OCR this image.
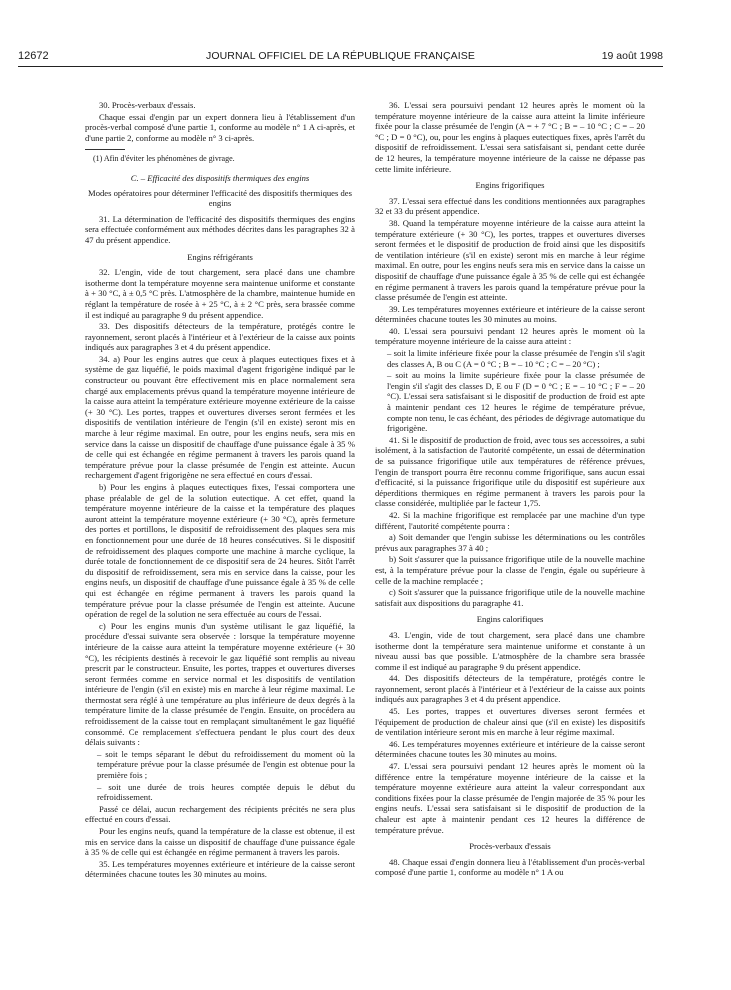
12672	JOURNAL OFFICIEL DE LA RÉPUBLIQUE FRANÇAISE	19 août 1998

30. Procès-verbaux d'essais.

Chaque essai d'engin par un expert donnera lieu à l'établissement d'un procès-verbal composé d'une partie 1, conforme au modèle n° 1 A ci-après, et d'une partie 2, conforme au modèle n° 3 ci-après.

(1) Afin d'éviter les phénomènes de givrage.

C. – Efficacité des dispositifs thermiques des engins

Modes opératoires pour déterminer l'efficacité des dispositifs thermiques des engins

31. La détermination de l'efficacité des dispositifs thermiques des engins sera effectuée conformément aux méthodes décrites dans les paragraphes 32 à 47 du présent appendice.

Engins réfrigérants

32. L'engin, vide de tout chargement, sera placé dans une chambre isotherme dont la température moyenne sera maintenue uniforme et constante à + 30 °C, à ± 0,5 °C près. L'atmosphère de la chambre, maintenue humide en réglant la température de rosée à + 25 °C, à ± 2 °C près, sera brassée comme il est indiqué au paragraphe 9 du présent appendice.

33. Des dispositifs détecteurs de la température, protégés contre le rayonnement, seront placés à l'intérieur et à l'extérieur de la caisse aux points indiqués aux paragraphes 3 et 4 du présent appendice.

34. a) Pour les engins autres que ceux à plaques eutectiques fixes et à système de gaz liquéfié, le poids maximal d'agent frigorigène indiqué par le constructeur ou pouvant être effectivement mis en place normalement sera chargé aux emplacements prévus quand la température moyenne intérieure de la caisse aura atteint la température extérieure moyenne extérieure de la caisse (+ 30 °C). Les portes, trappes et ouvertures diverses seront fermées et les dispositifs de ventilation intérieure de l'engin (s'il en existe) seront mis en marche à leur régime maximal. En outre, pour les engins neufs, sera mis en service dans la caisse un dispositif de chauffage d'une puissance égale à 35 % de celle qui est échangée en régime permanent à travers les parois quand la température prévue pour la classe présumée de l'engin est atteinte. Aucun rechargement d'agent frigorigène ne sera effectué en cours d'essai.

b) Pour les engins à plaques eutectiques fixes, l'essai comportera une phase préalable de gel de la solution eutectique. A cet effet, quand la température moyenne intérieure de la caisse et la température des plaques auront atteint la température moyenne extérieure (+ 30 °C), après fermeture des portes et portillons, le dispositif de refroidissement des plaques sera mis en fonctionnement pour une durée de 18 heures consécutives. Si le dispositif de refroidissement des plaques comporte une machine à marche cyclique, la durée totale de fonctionnement de ce dispositif sera de 24 heures. Sitôt l'arrêt du dispositif de refroidissement, sera mis en service dans la caisse, pour les engins neufs, un dispositif de chauffage d'une puissance égale à 35 % de celle qui est échangée en régime permanent à travers les parois quand la température prévue pour la classe présumée de l'engin est atteinte. Aucune opération de regel de la solution ne sera effectuée au cours de l'essai.

c) Pour les engins munis d'un système utilisant le gaz liquéfié, la procédure d'essai suivante sera observée : lorsque la température moyenne intérieure de la caisse aura atteint la température moyenne extérieure (+ 30 °C), les récipients destinés à recevoir le gaz liquéfié sont remplis au niveau prescrit par le constructeur. Ensuite, les portes, trappes et ouvertures diverses seront fermées comme en service normal et les dispositifs de ventilation intérieure de l'engin (s'il en existe) mis en marche à leur régime maximal. Le thermostat sera réglé à une température au plus inférieure de deux degrés à la température limite de la classe présumée de l'engin. Ensuite, on procédera au refroidissement de la caisse tout en remplaçant simultanément le gaz liquéfié consommé. Ce remplacement s'effectuera pendant le plus court des deux délais suivants :

– soit le temps séparant le début du refroidissement du moment où la température prévue pour la classe présumée de l'engin est obtenue pour la première fois ;

– soit une durée de trois heures comptée depuis le début du refroidissement.

Passé ce délai, aucun rechargement des récipients précités ne sera plus effectué en cours d'essai.

Pour les engins neufs, quand la température de la classe est obtenue, il est mis en service dans la caisse un dispositif de chauffage d'une puissance égale à 35 % de celle qui est échangée en régime permanent à travers les parois.

35. Les températures moyennes extérieure et intérieure de la caisse seront déterminées chacune toutes les 30 minutes au moins.

36. L'essai sera poursuivi pendant 12 heures après le moment où la température moyenne intérieure de la caisse aura atteint la limite inférieure fixée pour la classe présumée de l'engin (A = + 7 °C ; B = – 10 °C ; C = – 20 °C ; D = 0 °C), ou, pour les engins à plaques eutectiques fixes, après l'arrêt du dispositif de refroidissement. L'essai sera satisfaisant si, pendant cette durée de 12 heures, la température moyenne intérieure de la caisse ne dépasse pas cette limite inférieure.

Engins frigorifiques

37. L'essai sera effectué dans les conditions mentionnées aux paragraphes 32 et 33 du présent appendice.

38. Quand la température moyenne intérieure de la caisse aura atteint la température extérieure (+ 30 °C), les portes, trappes et ouvertures diverses seront fermées et le dispositif de production de froid ainsi que les dispositifs de ventilation intérieure (s'il en existe) seront mis en marche à leur régime maximal. En outre, pour les engins neufs sera mis en service dans la caisse un dispositif de chauffage d'une puissance égale à 35 % de celle qui est échangée en régime permanent à travers les parois quand la température prévue pour la classe présumée de l'engin est atteinte.

39. Les températures moyennes extérieure et intérieure de la caisse seront déterminées chacune toutes les 30 minutes au moins.

40. L'essai sera poursuivi pendant 12 heures après le moment où la température moyenne intérieure de la caisse aura atteint :

– soit la limite inférieure fixée pour la classe présumée de l'engin s'il s'agit des classes A, B ou C (A = 0 °C ; B = – 10 °C ; C = – 20 °C) ;

– soit au moins la limite supérieure fixée pour la classe présumée de l'engin s'il s'agit des classes D, E ou F (D = 0 °C ; E = – 10 °C ; F = – 20 °C). L'essai sera satisfaisant si le dispositif de production de froid est apte à maintenir pendant ces 12 heures le régime de température prévue, compte non tenu, le cas échéant, des périodes de dégivrage automatique du frigorigène.

41. Si le dispositif de production de froid, avec tous ses accessoires, a subi isolément, à la satisfaction de l'autorité compétente, un essai de détermination de sa puissance frigorifique utile aux températures de référence prévues, l'engin de transport pourra être reconnu comme frigorifique, sans aucun essai d'efficacité, si la puissance frigorifique utile du dispositif est supérieure aux déperditions thermiques en régime permanent à travers les parois pour la classe considérée, multipliée par le facteur 1,75.

42. Si la machine frigorifique est remplacée par une machine d'un type différent, l'autorité compétente pourra :

a) Soit demander que l'engin subisse les déterminations ou les contrôles prévus aux paragraphes 37 à 40 ;

b) Soit s'assurer que la puissance frigorifique utile de la nouvelle machine est, à la température prévue pour la classe de l'engin, égale ou supérieure à celle de la machine remplacée ;

c) Soit s'assurer que la puissance frigorifique utile de la nouvelle machine satisfait aux dispositions du paragraphe 41.

Engins calorifiques

43. L'engin, vide de tout chargement, sera placé dans une chambre isotherme dont la température sera maintenue uniforme et constante à un niveau aussi bas que possible. L'atmosphère de la chambre sera brassée comme il est indiqué au paragraphe 9 du présent appendice.

44. Des dispositifs détecteurs de la température, protégés contre le rayonnement, seront placés à l'intérieur et à l'extérieur de la caisse aux points indiqués aux paragraphes 3 et 4 du présent appendice.

45. Les portes, trappes et ouvertures diverses seront fermées et l'équipement de production de chaleur ainsi que (s'il en existe) les dispositifs de ventilation intérieure seront mis en marche à leur régime maximal.

46. Les températures moyennes extérieure et intérieure de la caisse seront déterminées chacune toutes les 30 minutes au moins.

47. L'essai sera poursuivi pendant 12 heures après le moment où la différence entre la température moyenne intérieure de la caisse et la température moyenne extérieure aura atteint la valeur correspondant aux conditions fixées pour la classe présumée de l'engin majorée de 35 % pour les engins neufs. L'essai sera satisfaisant si le dispositif de production de la chaleur est apte à maintenir pendant ces 12 heures la différence de température prévue.

Procès-verbaux d'essais

48. Chaque essai d'engin donnera lieu à l'établissement d'un procès-verbal composé d'une partie 1, conforme au modèle n° 1 A ou
